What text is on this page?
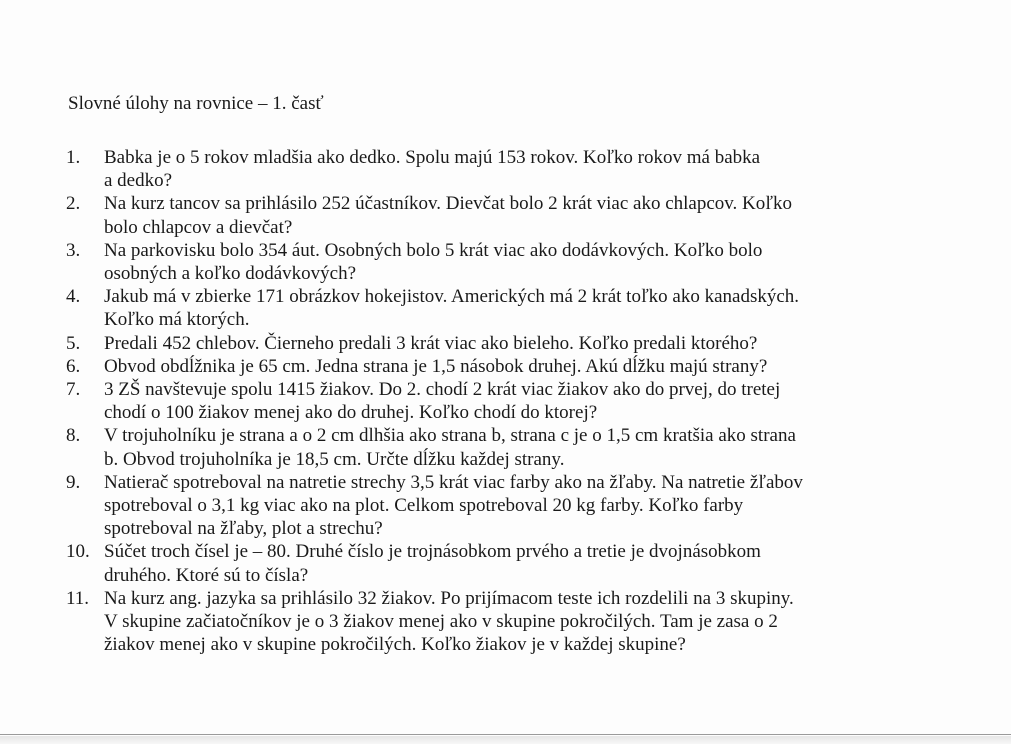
Slovné úlohy na rovnice – 1. časť
1.	Babka je o 5 rokov mladšia ako dedko. Spolu majú 153 rokov. Koľko rokov má babka
a dedko?
2.	Na kurz tancov sa prihlásilo 252 účastníkov. Dievčat bolo 2 krát viac ako chlapcov. Koľko
bolo chlapcov a dievčat?
3.	Na parkovisku bolo 354 áut. Osobných bolo 5 krát viac ako dodávkových. Koľko bolo
osobných a koľko dodávkových?
4.	Jakub má v zbierke 171 obrázkov hokejistov. Amerických má 2 krát toľko ako kanadských.
Koľko má ktorých.
5.	Predali 452 chlebov. Čierneho predali 3 krát viac ako bieleho. Koľko predali ktorého?
6.	Obvod obdĺžnika je 65 cm. Jedna strana je 1,5 násobok druhej. Akú dĺžku majú strany?
7.	3 ZŠ navštevuje spolu 1415 žiakov. Do 2. chodí 2 krát viac žiakov ako do prvej, do tretej
chodí o 100 žiakov menej ako do druhej. Koľko chodí do ktorej?
8.	V trojuholníku je strana a o 2 cm dlhšia ako strana b, strana c je o 1,5 cm kratšia ako strana
b. Obvod trojuholníka je 18,5 cm. Určte dĺžku každej strany.
9.	Natierač spotreboval na natretie strechy 3,5 krát viac farby ako na žľaby. Na natretie žľabov
spotreboval o 3,1 kg viac ako na plot. Celkom spotreboval 20 kg farby. Koľko farby
spotreboval na žľaby, plot a strechu?
10. Súčet troch čísel je – 80. Druhé číslo je trojnásobkom prvého a tretie je dvojnásobkom
druhého. Ktoré sú to čísla?
11. Na kurz ang. jazyka sa prihlásilo 32 žiakov. Po prijímacom teste ich rozdelili na 3 skupiny.
V skupine začiatočníkov je o 3 žiakov menej ako v skupine pokročilých. Tam je zasa o 2
žiakov menej ako v skupine pokročilých. Koľko žiakov je v každej skupine?
